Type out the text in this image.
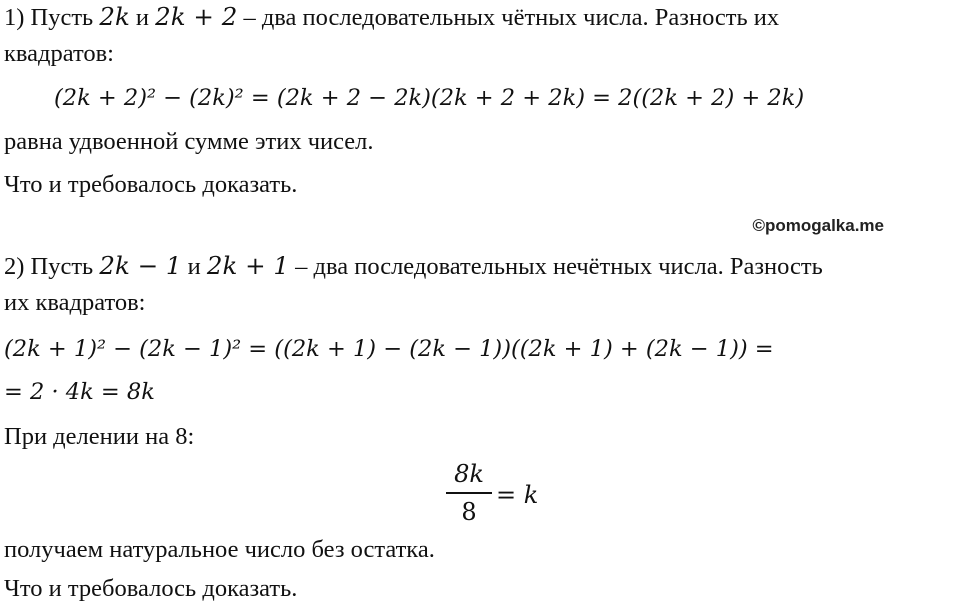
1) Пусть 2k и 2k + 2 – два последовательных чётных числа. Разность их
квадратов:
(2k + 2)² − (2k)² = (2k + 2 − 2k)(2k + 2 + 2k) = 2((2k + 2) + 2k)
равна удвоенной сумме этих чисел.
Что и требовалось доказать.
©pomogalka.me
2) Пусть 2k − 1 и 2k + 1 – два последовательных нечётных числа. Разность
их квадратов:
(2k + 1)² − (2k − 1)² = ((2k + 1) − (2k − 1))((2k + 1) + (2k − 1)) =
= 2 · 4k = 8k
При делении на 8:
8k
8
= k
получаем натуральное число без остатка.
Что и требовалось доказать.
